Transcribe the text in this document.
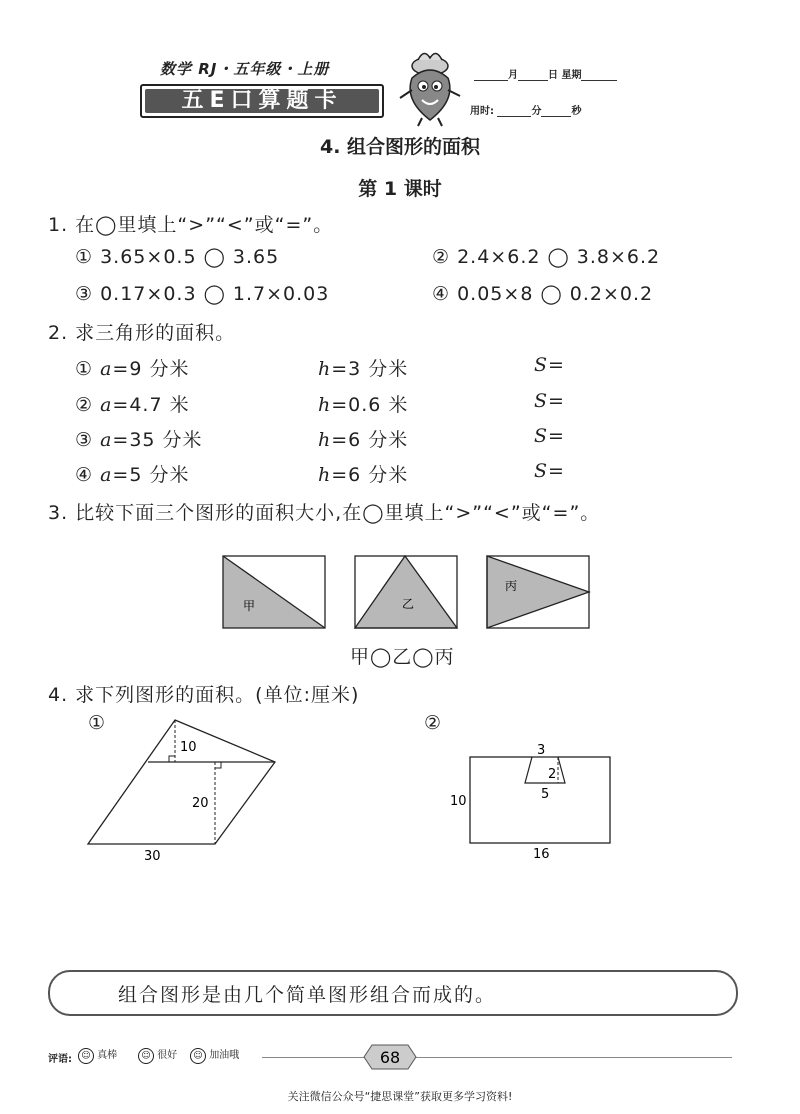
数学 RJ・五年级・上册
五E口算题卡
月	日 星期
用时:	分	秒
4. 组合图形的面积
第 1 课时
1. 在◯里填上“>”“<”或“=”。
① 3.65×0.5 ◯ 3.65	② 2.4×6.2 ◯ 3.8×6.2
③ 0.17×0.3 ◯ 1.7×0.03	④ 0.05×8 ◯ 0.2×0.2
2. 求三角形的面积。
① a=9 分米	h=3 分米	S=
② a=4.7 米	h=0.6 米	S=
③ a=35 分米	h=6 分米	S=
④ a=5 分米	h=6 分米	S=
3. 比较下面三个图形的面积大小,在◯里填上“>”“<”或“=”。
甲	乙
丙
甲◯乙◯丙
4. 求下列图形的面积。(单位:厘米)
①
10
20
30
②
3
2
5
10
16
组合图形是由几个简单图形组合而成的。
评语:	☺ 真棒	☺ 很好	☺ 加油哦	68
关注微信公众号“捷思课堂”获取更多学习资料!
